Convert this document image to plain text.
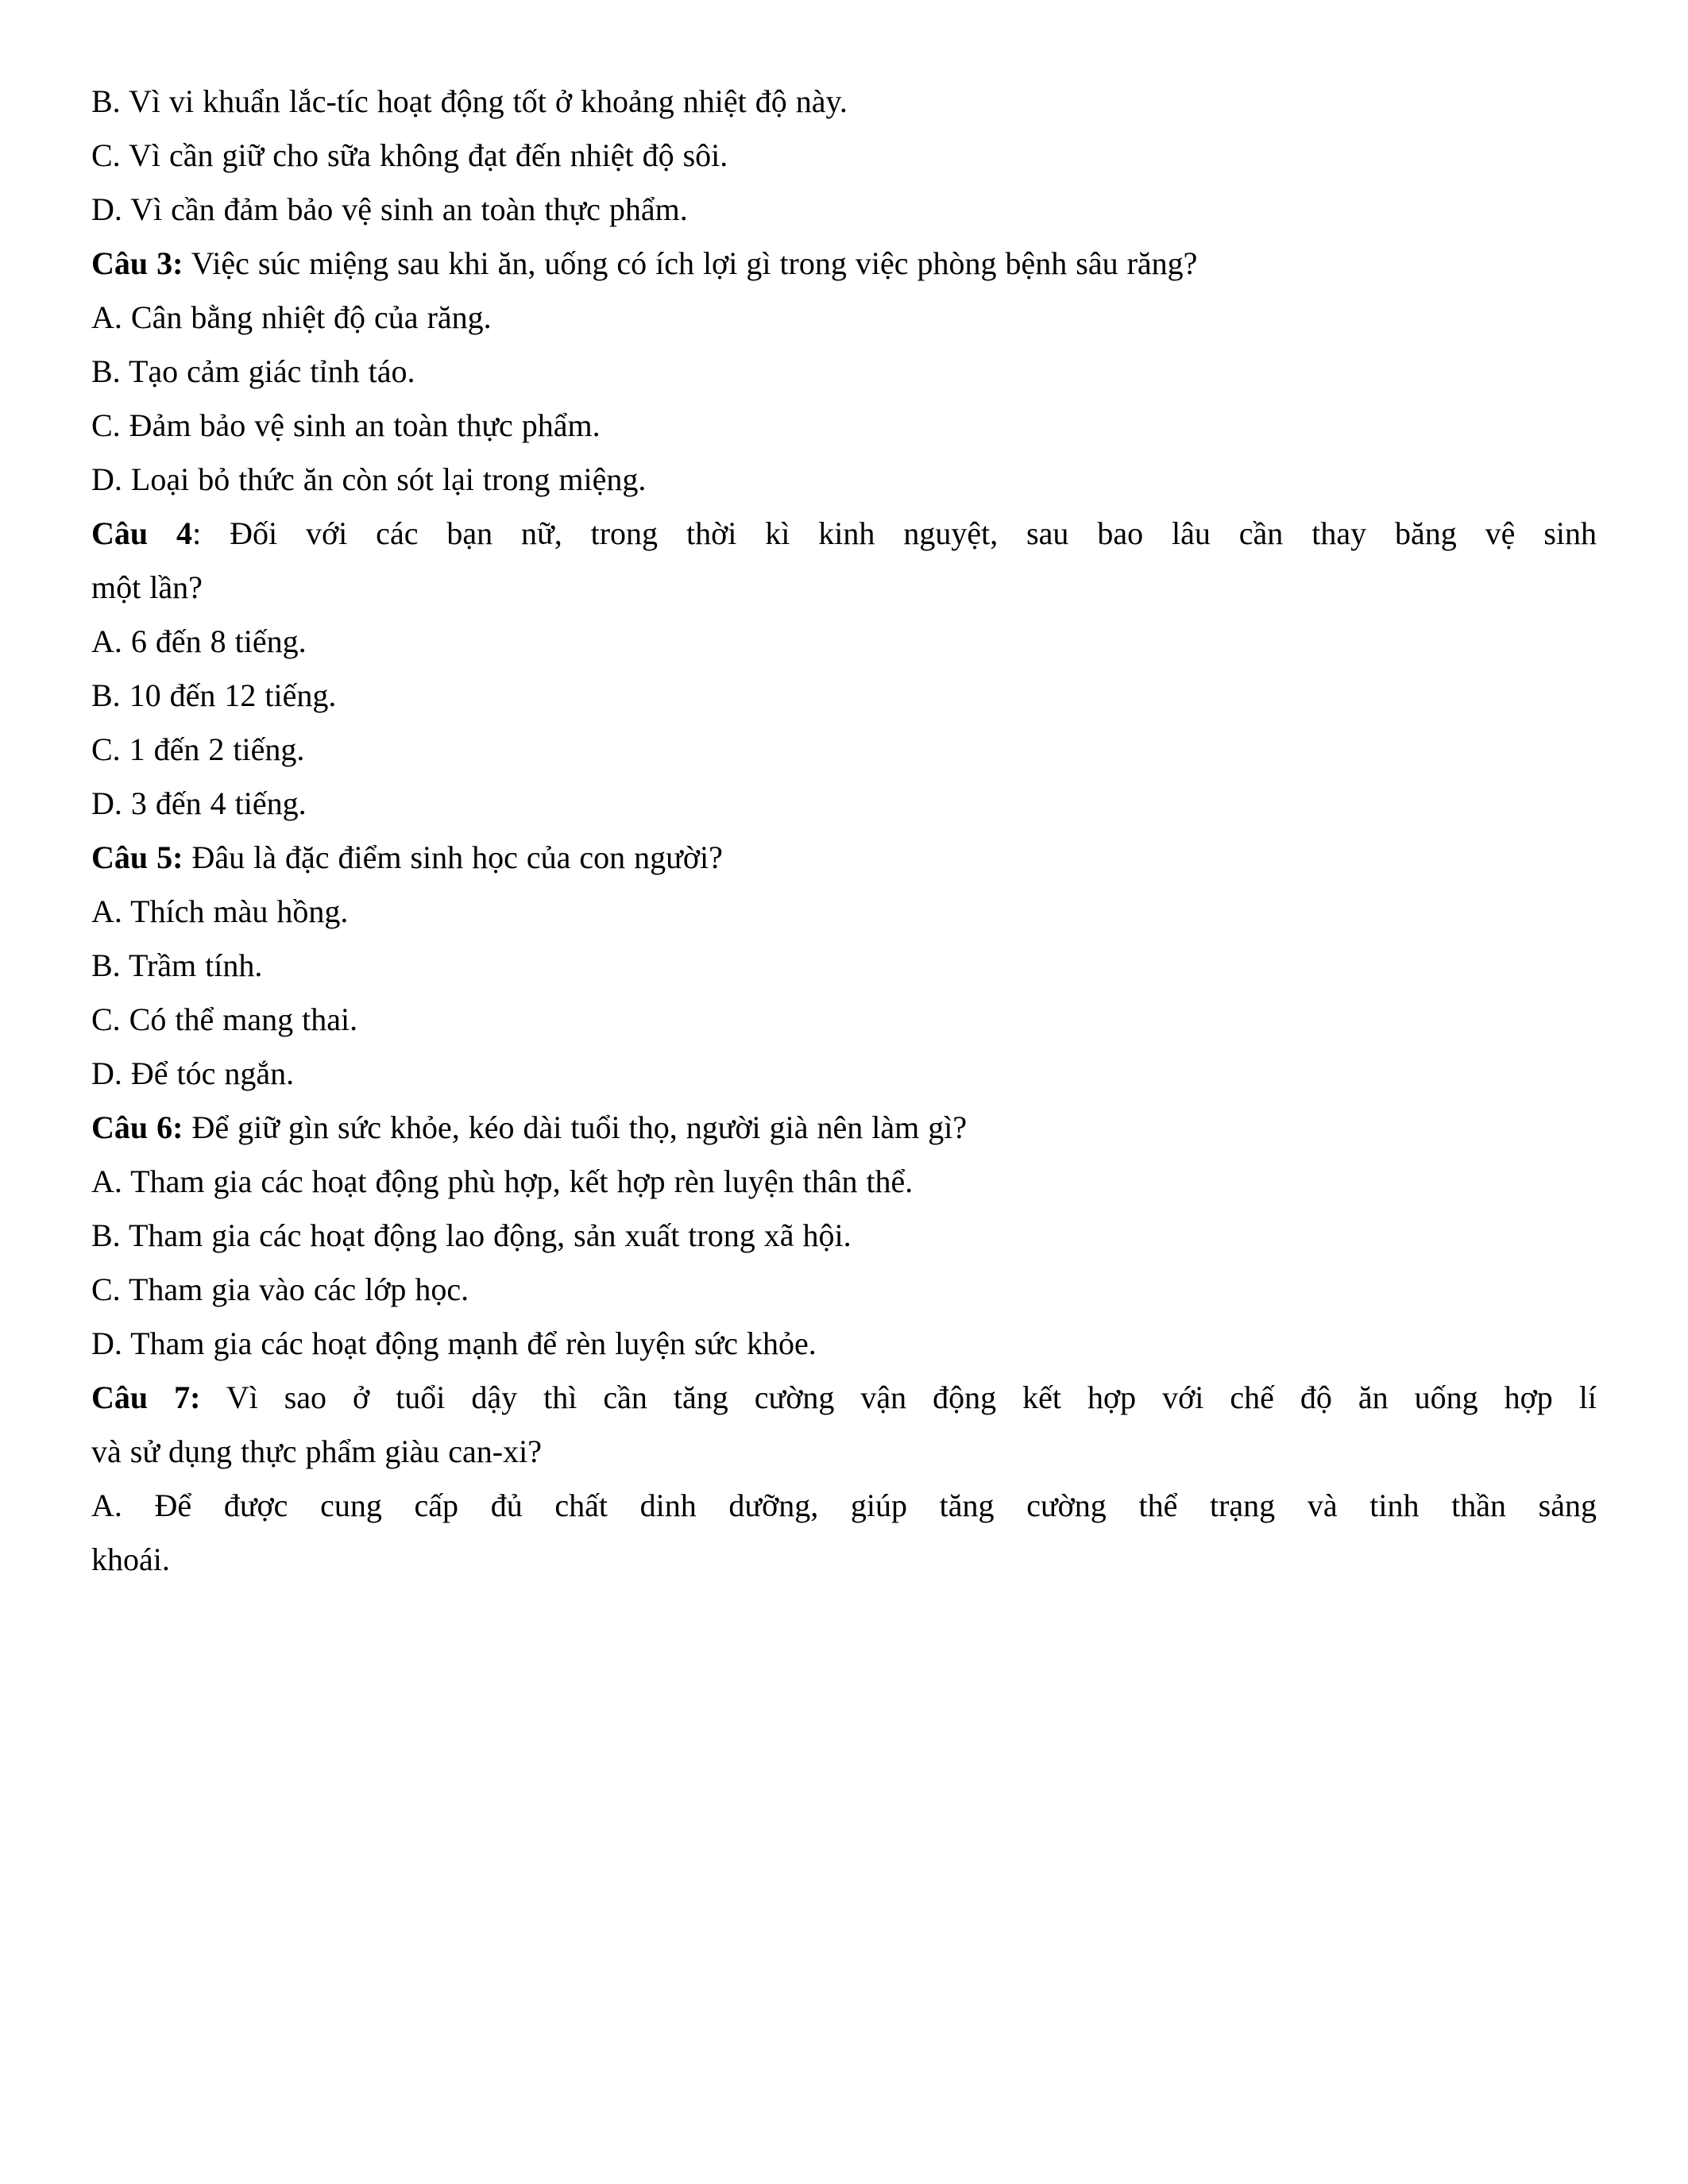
B. Vì vi khuẩn lắc-tíc hoạt động tốt ở khoảng nhiệt độ này.

C. Vì cần giữ cho sữa không đạt đến nhiệt độ sôi.

D. Vì cần đảm bảo vệ sinh an toàn thực phẩm.

Câu 3: Việc súc miệng sau khi ăn, uống có ích lợi gì trong việc phòng bệnh sâu răng?

A. Cân bằng nhiệt độ của răng.

B. Tạo cảm giác tỉnh táo.

C. Đảm bảo vệ sinh an toàn thực phẩm.

D. Loại bỏ thức ăn còn sót lại trong miệng.

Câu 4: Đối với các bạn nữ, trong thời kì kinh nguyệt, sau bao lâu cần thay băng vệ sinh

một lần?

A. 6 đến 8 tiếng.

B. 10 đến 12 tiếng.

C. 1 đến 2 tiếng.

D. 3 đến 4 tiếng.

Câu 5: Đâu là đặc điểm sinh học của con người?

A. Thích màu hồng.

B. Trầm tính.

C. Có thể mang thai.

D. Để tóc ngắn.

Câu 6: Để giữ gìn sức khỏe, kéo dài tuổi thọ, người già nên làm gì?

A. Tham gia các hoạt động phù hợp, kết hợp rèn luyện thân thể.

B. Tham gia các hoạt động lao động, sản xuất trong xã hội.

C. Tham gia vào các lớp học.

D. Tham gia các hoạt động mạnh để rèn luyện sức khỏe.

Câu 7: Vì sao ở tuổi dậy thì cần tăng cường vận động kết hợp với chế độ ăn uống hợp lí

và sử dụng thực phẩm giàu can-xi?

A. Để được cung cấp đủ chất dinh dưỡng, giúp tăng cường thể trạng và tinh thần sảng

khoái.
